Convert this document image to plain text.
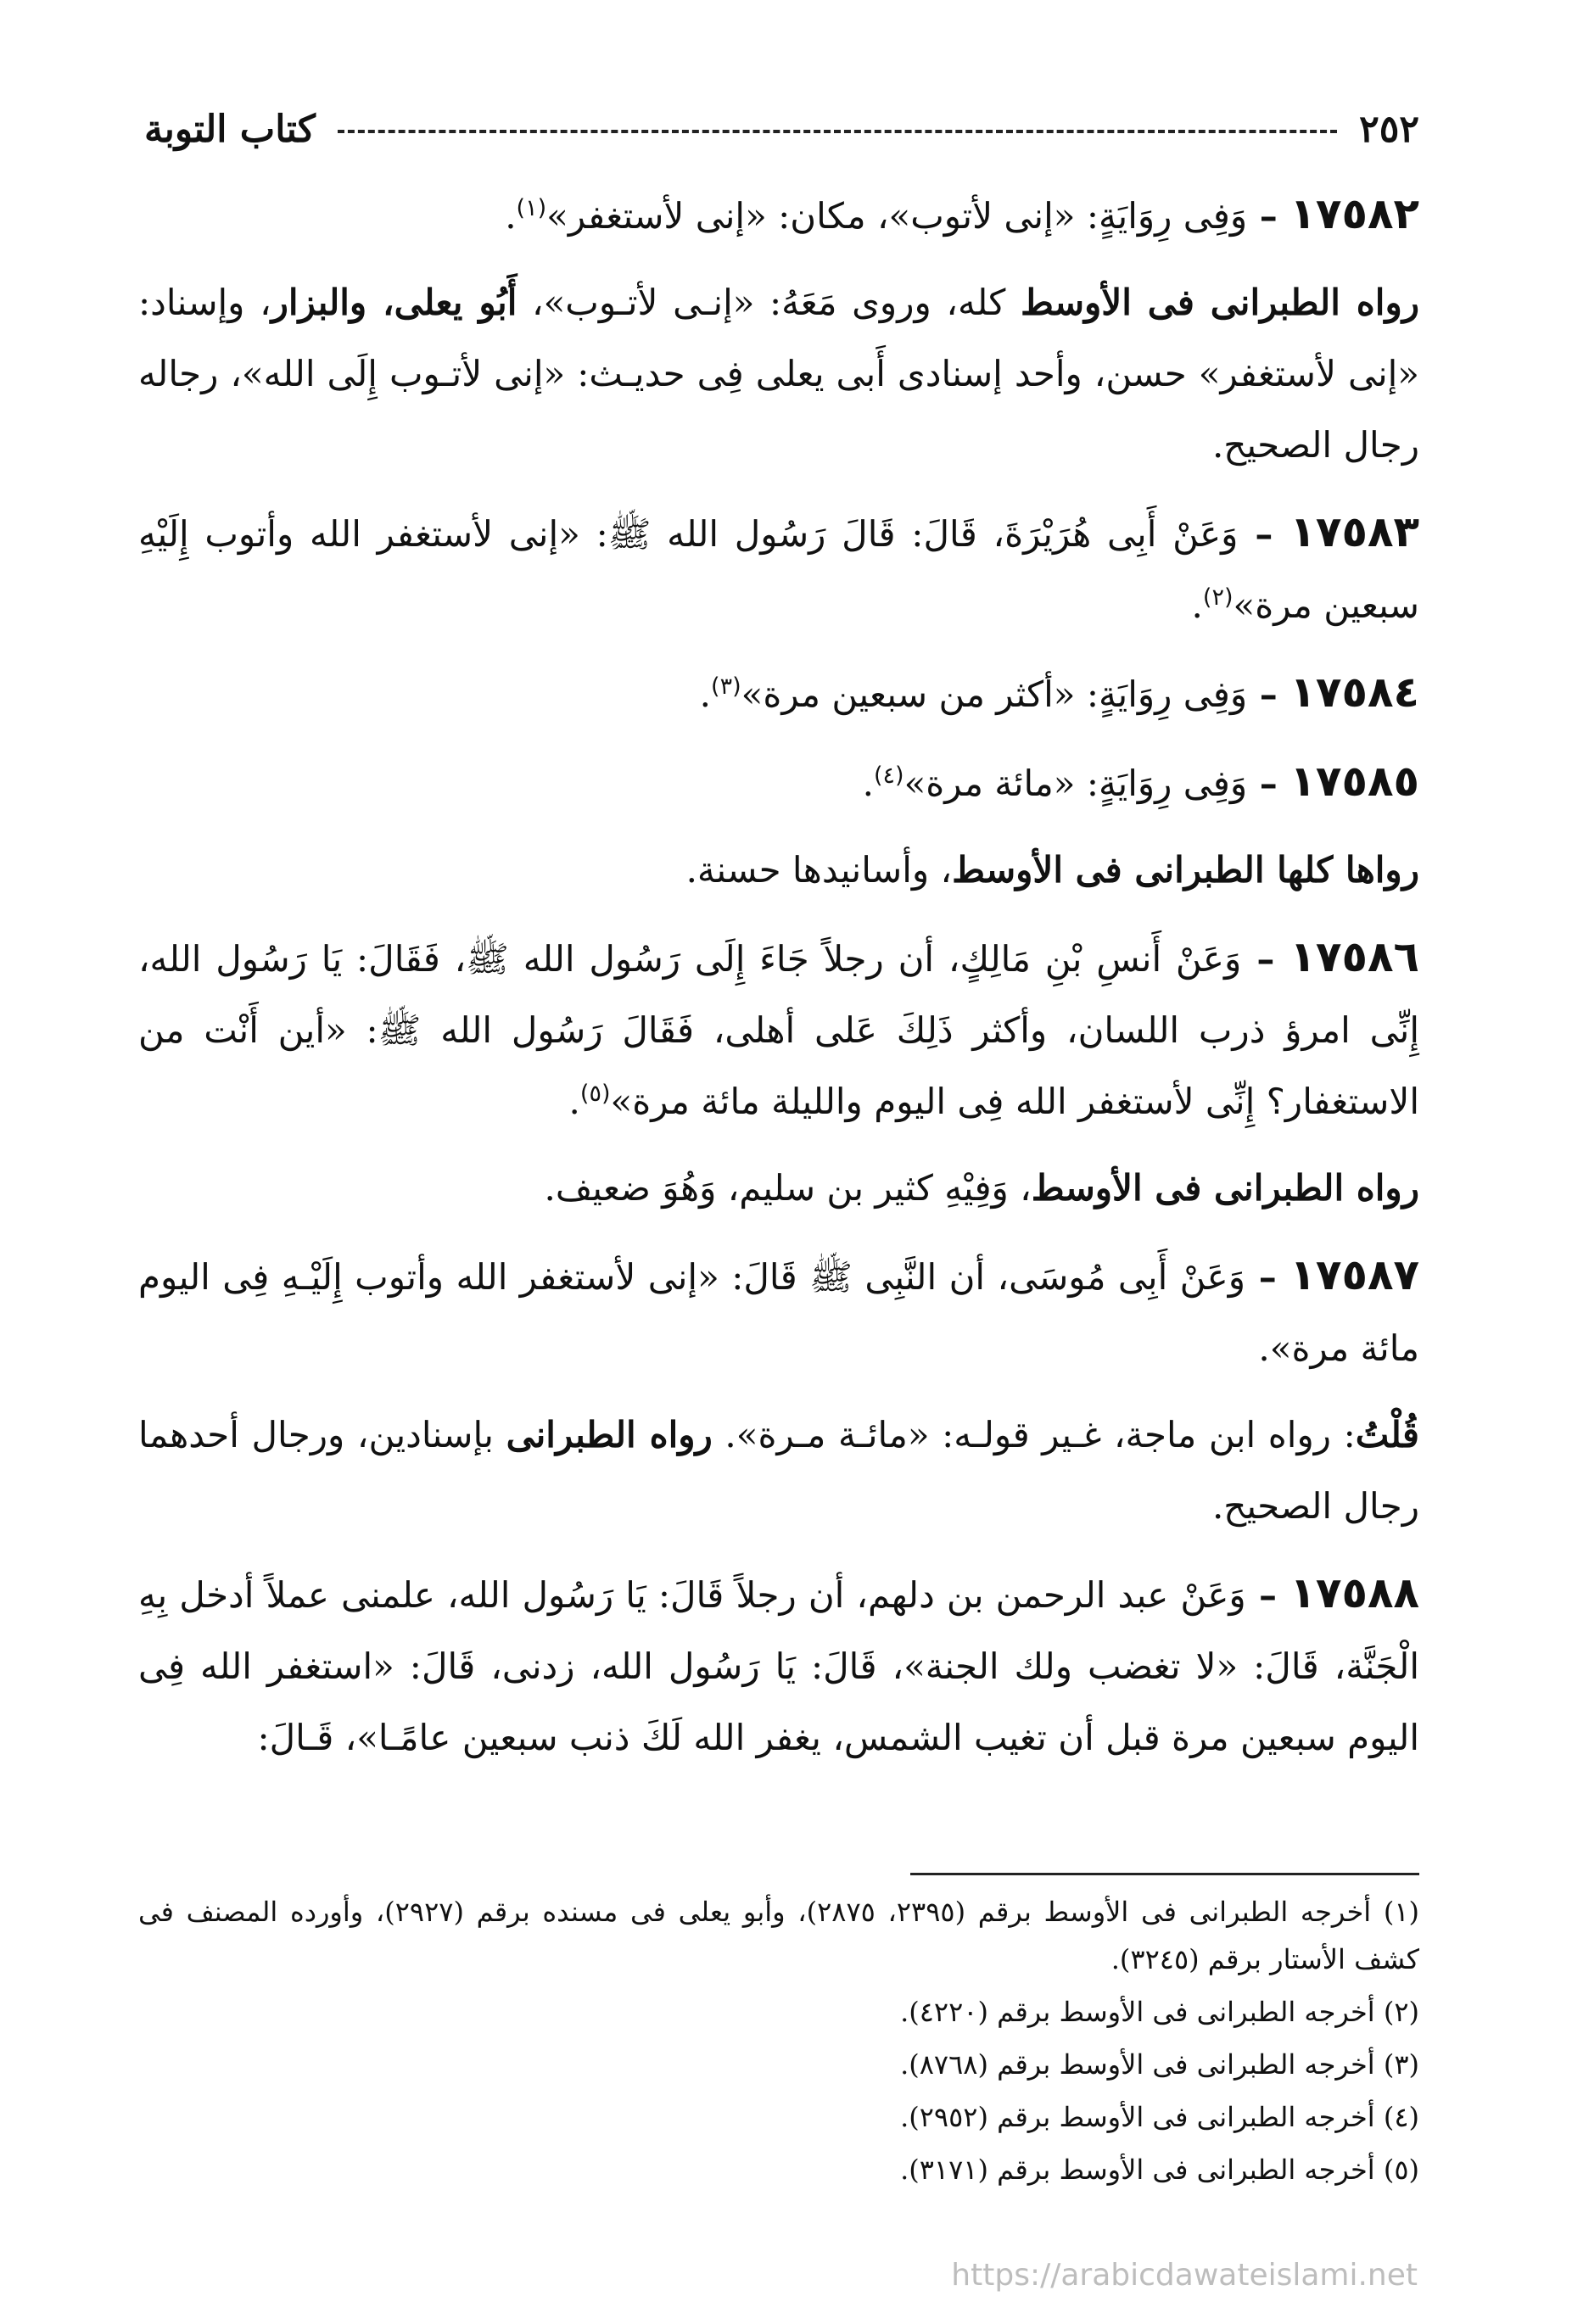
٢٥٢
كتاب التوبة

١٧٥٨٢ – وَفِى رِوَايَةٍ: «إنى لأتوب»، مكان: «إنى لأستغفر»$^{(١)}$.

رواه الطبرانى فى الأوسط كله، وروى مَعَهُ: «إنـى لأتـوب»، أَبُو يعلى، والبزار، وإسناد: «إنى لأستغفر» حسن، وأحد إسنادى أَبى يعلى فِى حديـث: «إنى لأتـوب إِلَى الله»، رجاله رجال الصحيح.

١٧٥٨٣ – وَعَنْ أَبِى هُرَيْرَةَ، قَالَ: قَالَ رَسُول الله ﷺ: «إنى لأستغفر الله وأتوب إِلَيْهِ سبعين مرة»$^{(٢)}$.

١٧٥٨٤ – وَفِى رِوَايَةٍ: «أكثر من سبعين مرة»$^{(٣)}$.

١٧٥٨٥ – وَفِى رِوَايَةٍ: «مائة مرة»$^{(٤)}$.

رواها كلها الطبرانى فى الأوسط، وأسانيدها حسنة.

١٧٥٨٦ – وَعَنْ أَنسِ بْنِ مَالِكٍ، أن رجلاً جَاءَ إِلَى رَسُول الله ﷺ، فَقَالَ: يَا رَسُول الله، إِنِّى امرؤ ذرب اللسان، وأكثر ذَلِكَ عَلى أهلى، فَقَالَ رَسُول الله ﷺ: «أين أَنْت من الاستغفار؟ إِنِّى لأستغفر الله فِى اليوم والليلة مائة مرة»$^{(٥)}$.

رواه الطبرانى فى الأوسط، وَفِيْهِ كثير بن سليم، وَهُوَ ضعيف.

١٧٥٨٧ – وَعَنْ أَبِى مُوسَى، أن النَّبِى ﷺ قَالَ: «إنى لأستغفر الله وأتوب إِلَيْـهِ فِى اليوم مائة مرة».

قُلْتُ: رواه ابن ماجة، غـير قولـه: «مائـة مـرة». رواه الطبرانى بإسنادين، ورجال أحدهما رجال الصحيح.

١٧٥٨٨ – وَعَنْ عبد الرحمن بن دلهم، أن رجلاً قَالَ: يَا رَسُول الله، علمنى عملاً أدخل بِهِ الْجَنَّة، قَالَ: «لا تغضب ولك الجنة»، قَالَ: يَا رَسُول الله، زدنى، قَالَ: «استغفر الله فِى اليوم سبعين مرة قبل أن تغيب الشمس، يغفر الله لَكَ ذنب سبعين عامًـا»، قَـالَ:

(١) أخرجه الطبرانى فى الأوسط برقم (٢٣٩٥، ٢٨٧٥)، وأبو يعلى فى مسنده برقم (٢٩٢٧)، وأورده المصنف فى كشف الأستار برقم (٣٢٤٥).

(٢) أخرجه الطبرانى فى الأوسط برقم (٤٢٢٠).

(٣) أخرجه الطبرانى فى الأوسط برقم (٨٧٦٨).

(٤) أخرجه الطبرانى فى الأوسط برقم (٢٩٥٢).

(٥) أخرجه الطبرانى فى الأوسط برقم (٣١٧١).

https://arabicdawateislami.net
